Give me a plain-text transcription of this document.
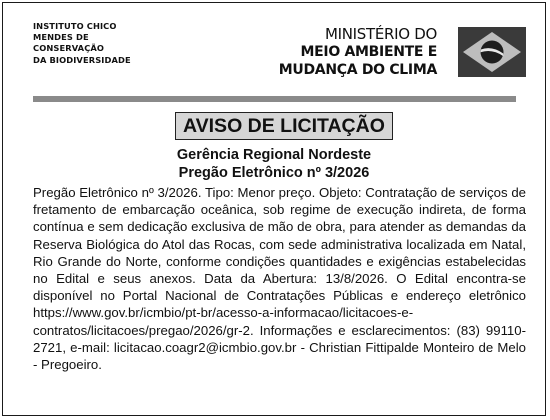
INSTITUTO CHICO
MENDES DE
CONSERVAÇÃO
DA BIODIVERSIDADE
MINISTÉRIO DO
MEIO AMBIENTE E
MUDANÇA DO CLIMA
AVISO DE LICITAÇÃO
Gerência Regional Nordeste
Pregão Eletrônico nº 3/2026
Pregão Eletrônico nº 3/2026. Tipo: Menor preço. Objeto: Contratação de serviços de fretamento de embarcação oceânica, sob regime de execução indireta, de forma contínua e sem dedicação exclusiva de mão de obra, para atender as demandas da Reserva Biológica do Atol das Rocas, com sede administrativa localizada em Natal, Rio Grande do Norte, conforme condições quantidades e exigências estabelecidas no Edital e seus anexos. Data da Abertura: 13/8/2026. O Edital encontra-se disponível no Portal Nacional de Contratações Públicas e endereço eletrônico https://www.gov.br/icmbio/pt-br/acesso-a-informacao/licitacoes-e-contratos/licitacoes/pregao/2026/gr-2. Informações e esclarecimentos: (83) 99110-2721, e-mail: licitacao.coagr2@icmbio.gov.br - Christian Fittipalde Monteiro de Melo - Pregoeiro.
